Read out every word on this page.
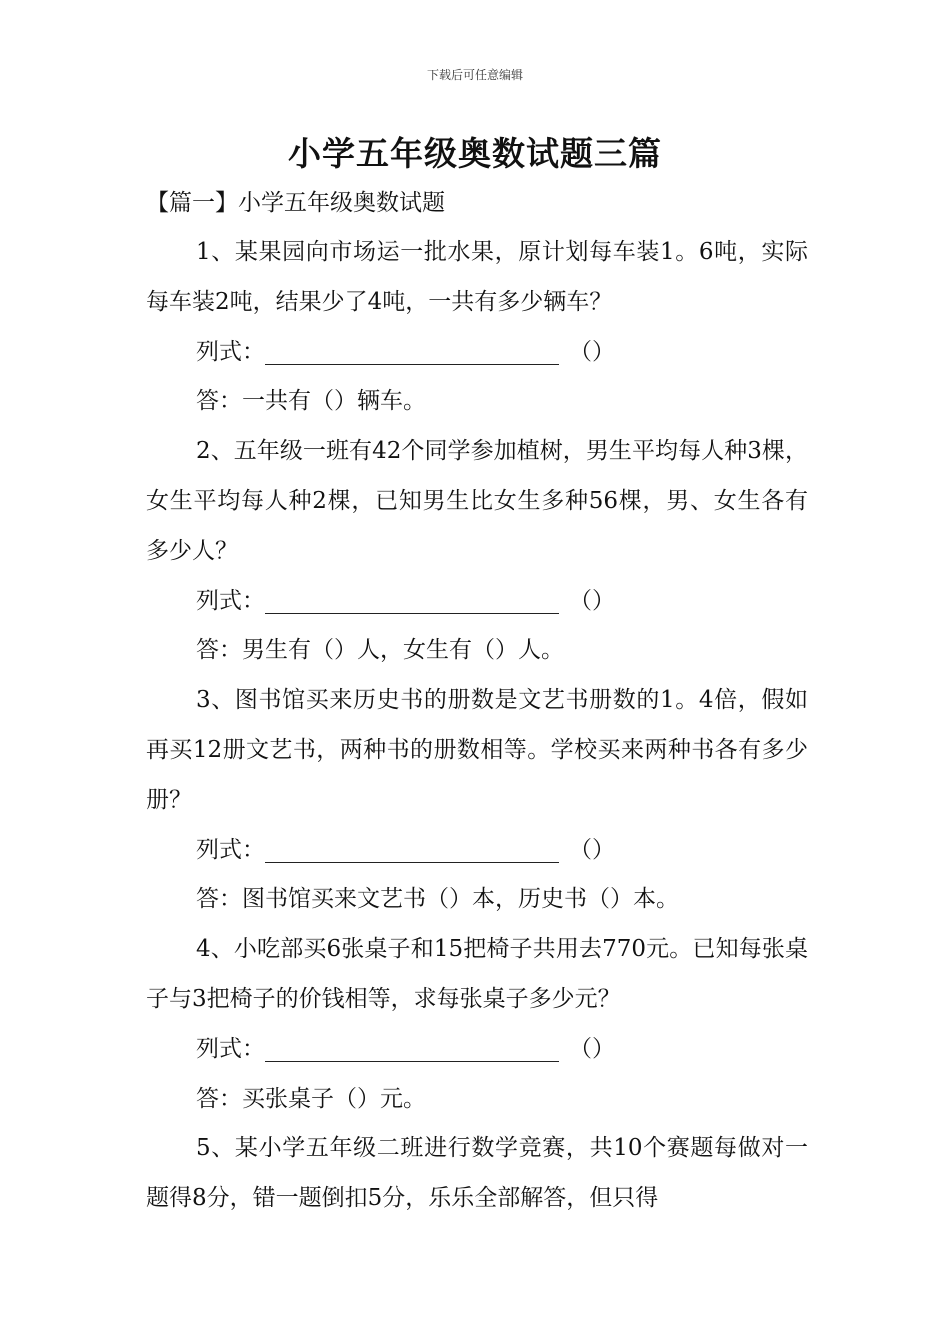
下载后可任意编辑
小学五年级奥数试题三篇
【篇一】小学五年级奥数试题

1、某果园向市场运一批水果，原计划每车装1。6吨，实际每车装2吨，结果少了4吨，一共有多少辆车？

列式：	（）

答：一共有（）辆车。

2、五年级一班有42个同学参加植树，男生平均每人种3棵，女生平均每人种2棵，已知男生比女生多种56棵，男、女生各有多少人？

列式：	（）

答：男生有（）人，女生有（）人。

3、图书馆买来历史书的册数是文艺书册数的1。4倍，假如再买12册文艺书，两种书的册数相等。学校买来两种书各有多少册？

列式：	（）

答：图书馆买来文艺书（）本，历史书（）本。

4、小吃部买6张桌子和15把椅子共用去770元。已知每张桌子与3把椅子的价钱相等，求每张桌子多少元？

列式：	（）

答：买张桌子（）元。

5、某小学五年级二班进行数学竞赛，共10个赛题每做对一题得8分，错一题倒扣5分，乐乐全部解答，但只得
